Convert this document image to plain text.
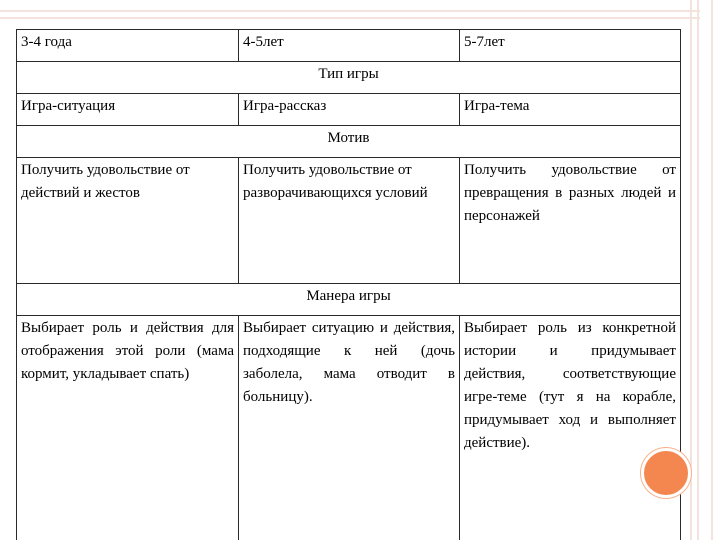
3-4 года	4-5лет	5-7лет
Тип игры		
Игра-ситуация	Игра-рассказ	Игра-тема
Мотив		
Получить удовольствие от действий и жестов	Получить удовольствие от разворачивающихся условий	Получить удовольствие от превращения в разных людей и персонажей
Манера игры		
Выбирает роль и действия для отображения этой роли (мама кормит, укладывает спать)	Выбирает ситуацию и действия, подходящие к ней (дочь заболела, мама отводит в больницу).	Выбирает роль из конкретной истории и придумывает действия, соответствующие игре-теме (тут я на корабле, придумывает ход и выполняет действие).
